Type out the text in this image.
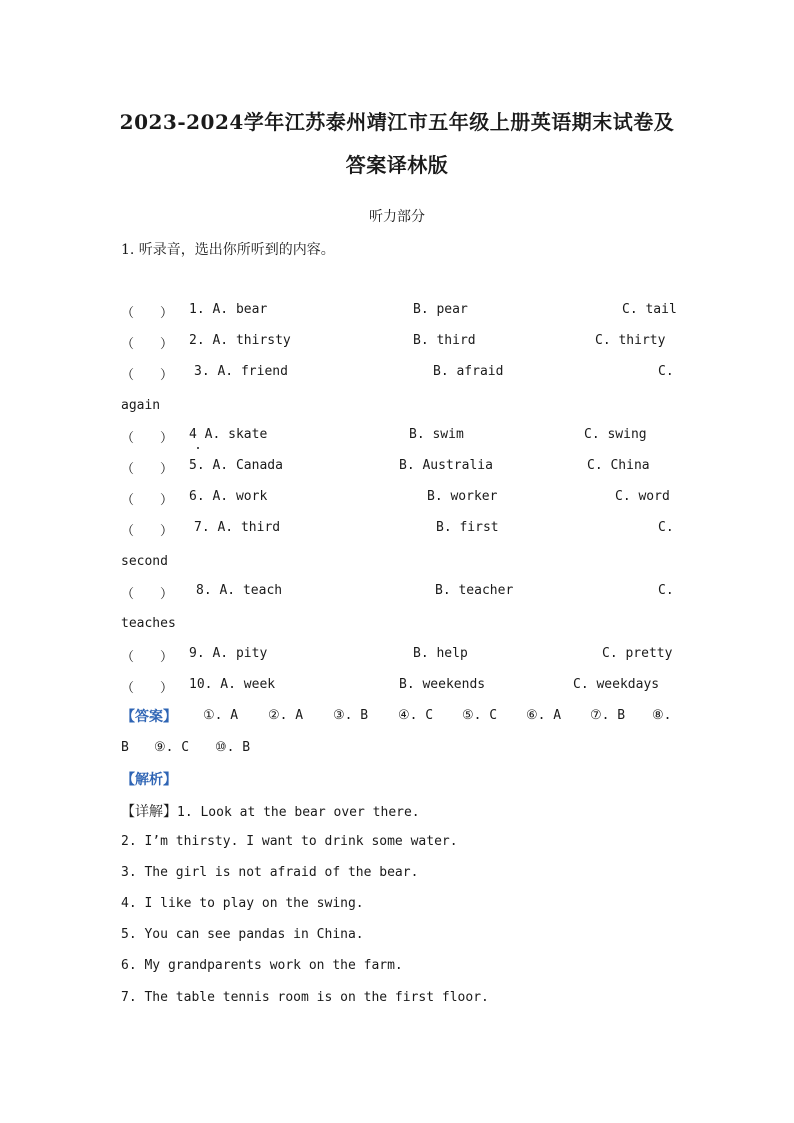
2023-2024学年江苏泰州靖江市五年级上册英语期末试卷及
答案译林版
听力部分
1. 听录音，选出你所听到的内容。
（　　） 1. A. bear	B. pear	C. tail
（　　） 2. A. thirsty	B. third	C. thirty
（　　） 3. A. friend	B. afraid	C.
again
（　　） 4 A. skate	B. swim	C. swing
（　　） 5. A. Canada	B. Australia	C. China
（　　） 6. A. work	B. worker	C. word
（　　） 7. A. third	B. first	C.
second
（　　） 8. A. teach	B. teacher	C.
teaches
（　　） 9. A. pity	B. help	C. pretty
（　　） 10. A. week	B. weekends	C. weekdays
【答案】 ①. A ②. A ③. B ④. C ⑤. C ⑥. A ⑦. B ⑧.
B ⑨. C ⑩. B
【解析】
【详解】1. Look at the bear over there.
2. I’m thirsty. I want to drink some water.
3. The girl is not afraid of the bear.
4. I like to play on the swing.
5. You can see pandas in China.
6. My grandparents work on the farm.
7. The table tennis room is on the first floor.
